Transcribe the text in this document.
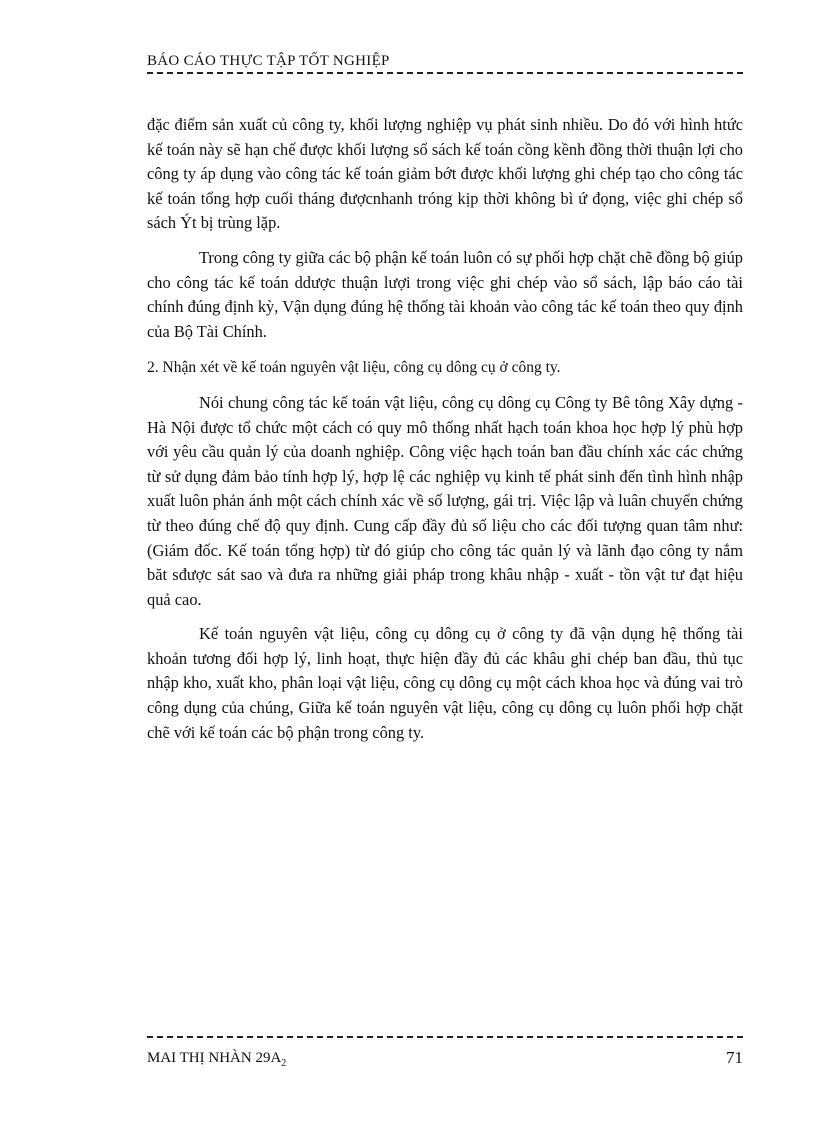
BÁO CÁO THỰC TẬP TỐT NGHIỆP

đặc điểm sản xuất củ công ty, khối lượng nghiệp vụ phát sinh nhiều. Do đó với hình htức kế toán này sẽ hạn chế được khối lượng sổ sách kế toán cồng kềnh đồng thời thuận lợi cho công ty áp dụng vào công tác kế toán giảm bớt được khối lượng ghi chép tạo cho công tác kế toán tổng hợp cuối tháng đượcnhanh tróng kịp thời không bì ứ đọng, việc ghi chép sổ sách Ýt bị trùng lặp.

Trong công ty giữa các bộ phận kế toán luôn có sự phối hợp chặt chẽ đồng bộ giúp cho công tác kế toán ddược thuận lượi trong việc ghi chép vào sổ sách, lập báo cáo tài chính đúng định kỳ, Vận dụng đúng hệ thống tài khoản vào công tác kế toán theo quy định của Bộ Tài Chính.

2. Nhận xét về kế toán nguyên vật liệu, công cụ dông cụ ở công ty.

Nói chung công tác kế toán vật liệu, công cụ dông cụ Công ty Bê tông Xây dựng - Hà Nội được tổ chức một cách có quy mô thống nhất hạch toán khoa học hợp lý phù hợp với yêu cầu quản lý của doanh nghiệp. Công việc hạch toán ban đầu chính xác các chứng từ sử dụng đảm bảo tính hợp lý, hợp lệ các nghiệp vụ kinh tế phát sinh đến tình hình nhập xuất luôn phản ánh một cách chính xác về số lượng, gái trị. Việc lập và luân chuyển chứng từ theo đúng chế độ quy định. Cung cấp đầy đủ số liệu cho các đối tượng quan tâm như: (Giám đốc. Kế toán tổng hợp) từ đó giúp cho công tác quản lý và lãnh đạo công ty nắm băt sđược sát sao và đưa ra những giải pháp trong khâu nhập - xuất - tồn vật tư đạt hiệu quả cao.

Kế toán nguyên vật liệu, công cụ dông cụ ở công ty đã vận dụng hệ thống tài khoản tương đối hợp lý, linh hoạt, thực hiện đầy đủ các khâu ghi chép ban đầu, thủ tục nhập kho, xuất kho, phân loại vật liệu, công cụ dông cụ một cách khoa học và đúng vai trò công dụng của chúng, Giữa kế toán nguyên vật liệu, công cụ dông cụ luôn phối hợp chặt chẽ với kế toán các bộ phận trong công ty.

MAI THỊ NHÀN $29A_2$	71
